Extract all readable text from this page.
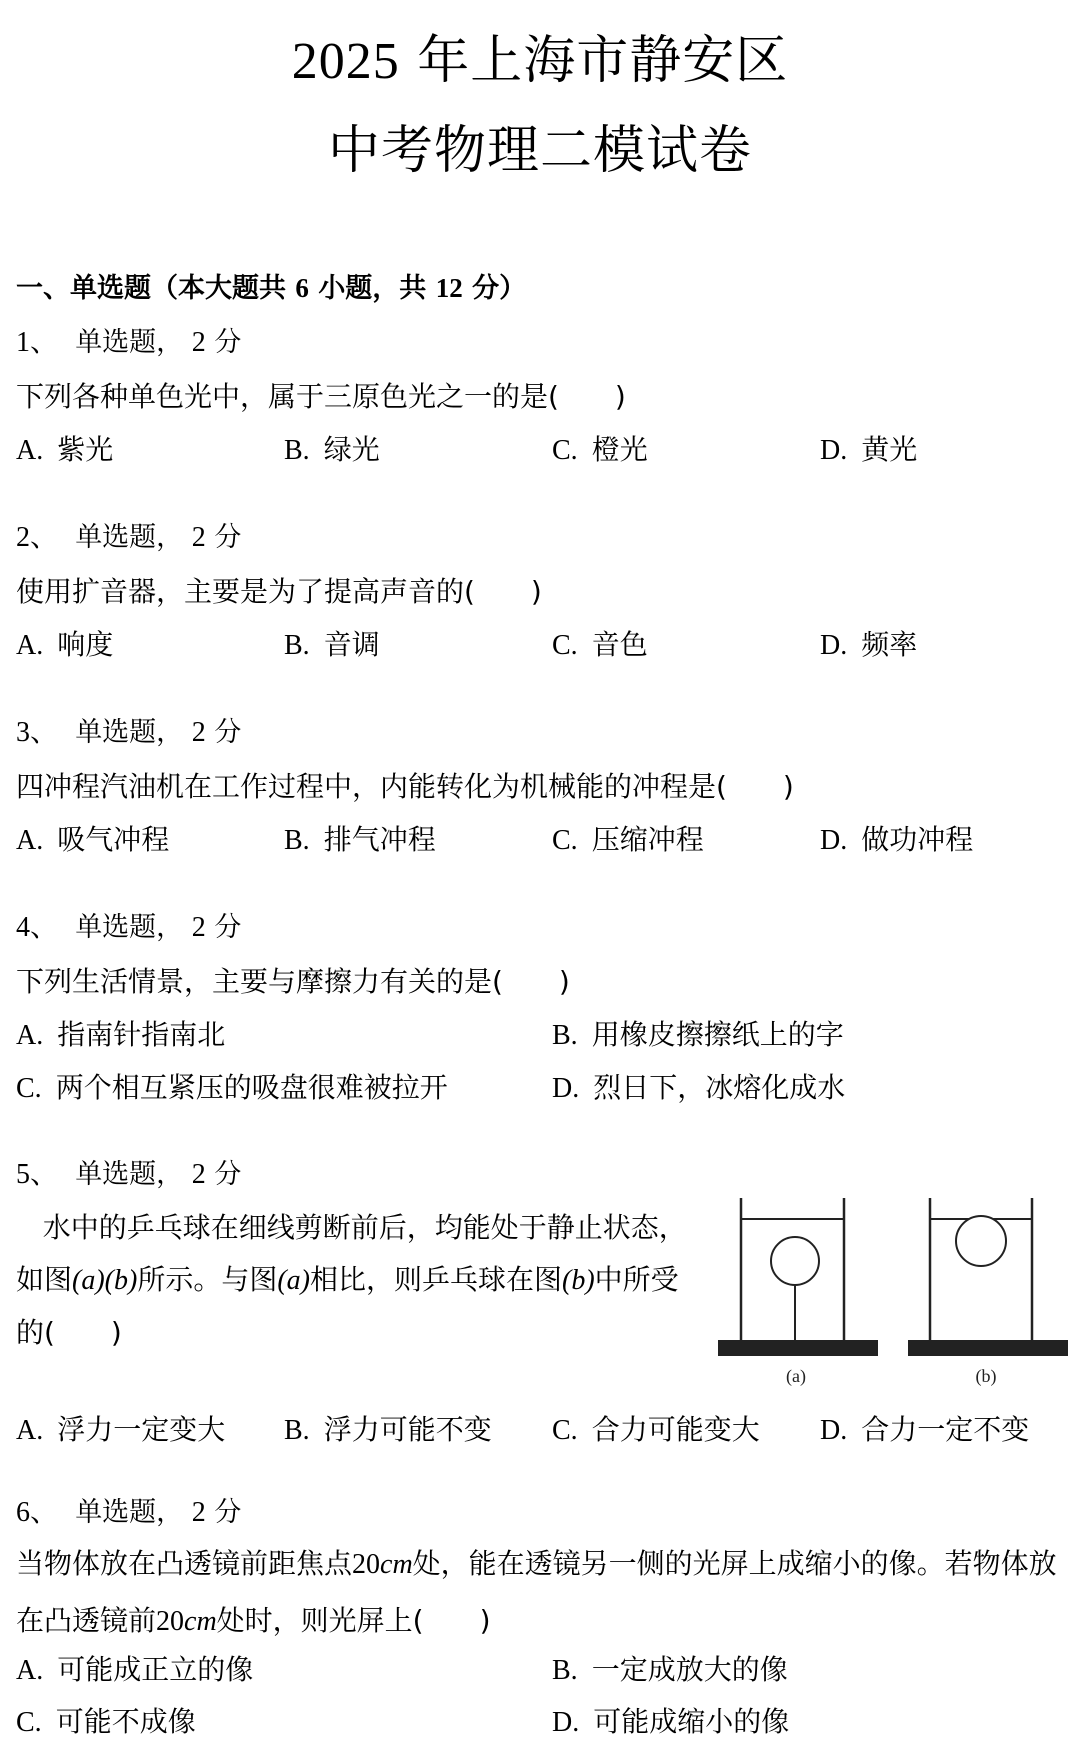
2025 年上海市静安区
中考物理二模试卷
一、单选题（本大题共 6 小题，共 12 分）
1、 单选题， 2 分
下列各种单色光中，属于三原色光之一的是(　　)
A. 紫光	B. 绿光	C. 橙光	D. 黄光
2、 单选题， 2 分
使用扩音器，主要是为了提高声音的(　　)
A. 响度	B. 音调	C. 音色	D. 频率
3、 单选题， 2 分
四冲程汽油机在工作过程中，内能转化为机械能的冲程是(　　)
A. 吸气冲程	B. 排气冲程	C. 压缩冲程	D. 做功冲程
4、 单选题， 2 分
下列生活情景，主要与摩擦力有关的是(　　)
A. 指南针指南北	B. 用橡皮擦擦纸上的字
C. 两个相互紧压的吸盘很难被拉开	D. 烈日下，冰熔化成水
5、 单选题， 2 分
水中的乒乓球在细线剪断前后，均能处于静止状态，如图(a)(b)所示。与图(a)相比，则乒乓球在图(b)中所受的(　　)
(a)	(b)
A. 浮力一定变大 B. 浮力可能不变 C. 合力可能变大 D. 合力一定不变
6、 单选题， 2 分
当物体放在凸透镜前距焦点20cm处，能在透镜另一侧的光屏上成缩小的像。若物体放在凸透镜前20cm处时，则光屏上(　　)
A. 可能成正立的像	B. 一定成放大的像
C. 可能不成像	D. 可能成缩小的像
